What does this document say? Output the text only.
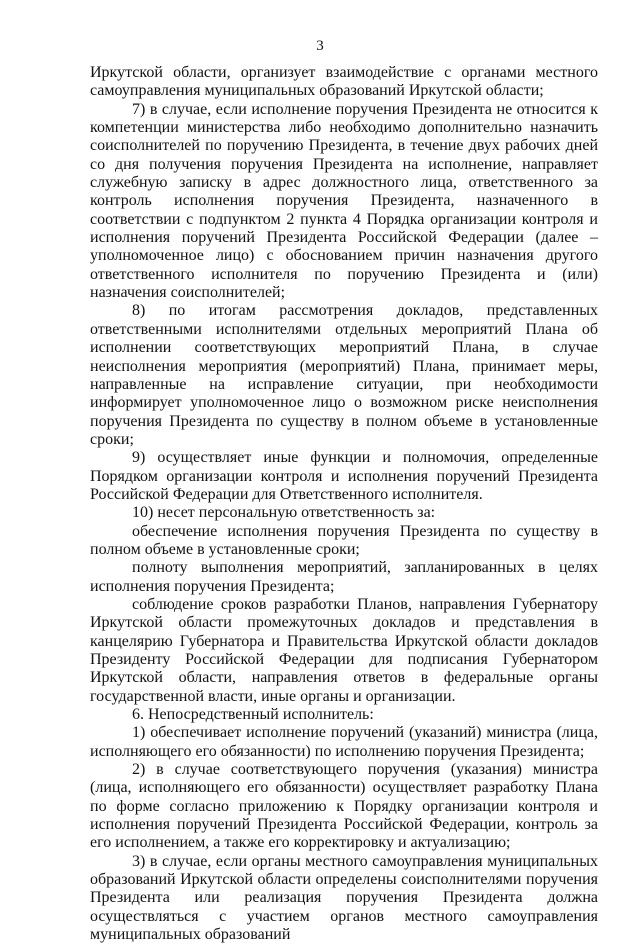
3

Иркутской области, организует взаимодействие с органами местного самоуправления муниципальных образований Иркутской области;

7) в случае, если исполнение поручения Президента не относится к компетенции министерства либо необходимо дополнительно назначить соисполнителей по поручению Президента, в течение двух рабочих дней со дня получения поручения Президента на исполнение, направляет служебную записку в адрес должностного лица, ответственного за контроль исполнения поручения Президента, назначенного в соответствии с подпунктом 2 пункта 4 Порядка организации контроля и исполнения поручений Президента Российской Федерации (далее – уполномоченное лицо) с обоснованием причин назначения другого ответственного исполнителя по поручению Президента и (или) назначения соисполнителей;

8) по итогам рассмотрения докладов, представленных ответственными исполнителями отдельных мероприятий Плана об исполнении соответствующих мероприятий Плана, в случае неисполнения мероприятия (мероприятий) Плана, принимает меры, направленные на исправление ситуации, при необходимости информирует уполномоченное лицо о возможном риске неисполнения поручения Президента по существу в полном объеме в установленные сроки;

9) осуществляет иные функции и полномочия, определенные Порядком организации контроля и исполнения поручений Президента Российской Федерации для Ответственного исполнителя.

10) несет персональную ответственность за:

обеспечение исполнения поручения Президента по существу в полном объеме в установленные сроки;

полноту выполнения мероприятий, запланированных в целях исполнения поручения Президента;

соблюдение сроков разработки Планов, направления Губернатору Иркутской области промежуточных докладов и представления в канцелярию Губернатора и Правительства Иркутской области докладов Президенту Российской Федерации для подписания Губернатором Иркутской области, направления ответов в федеральные органы государственной власти, иные органы и организации.

6. Непосредственный исполнитель:

1) обеспечивает исполнение поручений (указаний) министра (лица, исполняющего его обязанности) по исполнению поручения Президента;

2) в случае соответствующего поручения (указания) министра (лица, исполняющего его обязанности) осуществляет разработку Плана по форме согласно приложению к Порядку организации контроля и исполнения поручений Президента Российской Федерации, контроль за его исполнением, а также его корректировку и актуализацию;

3) в случае, если органы местного самоуправления муниципальных образований Иркутской области определены соисполнителями поручения Президента или реализация поручения Президента должна осуществляться с участием органов местного самоуправления муниципальных образований
